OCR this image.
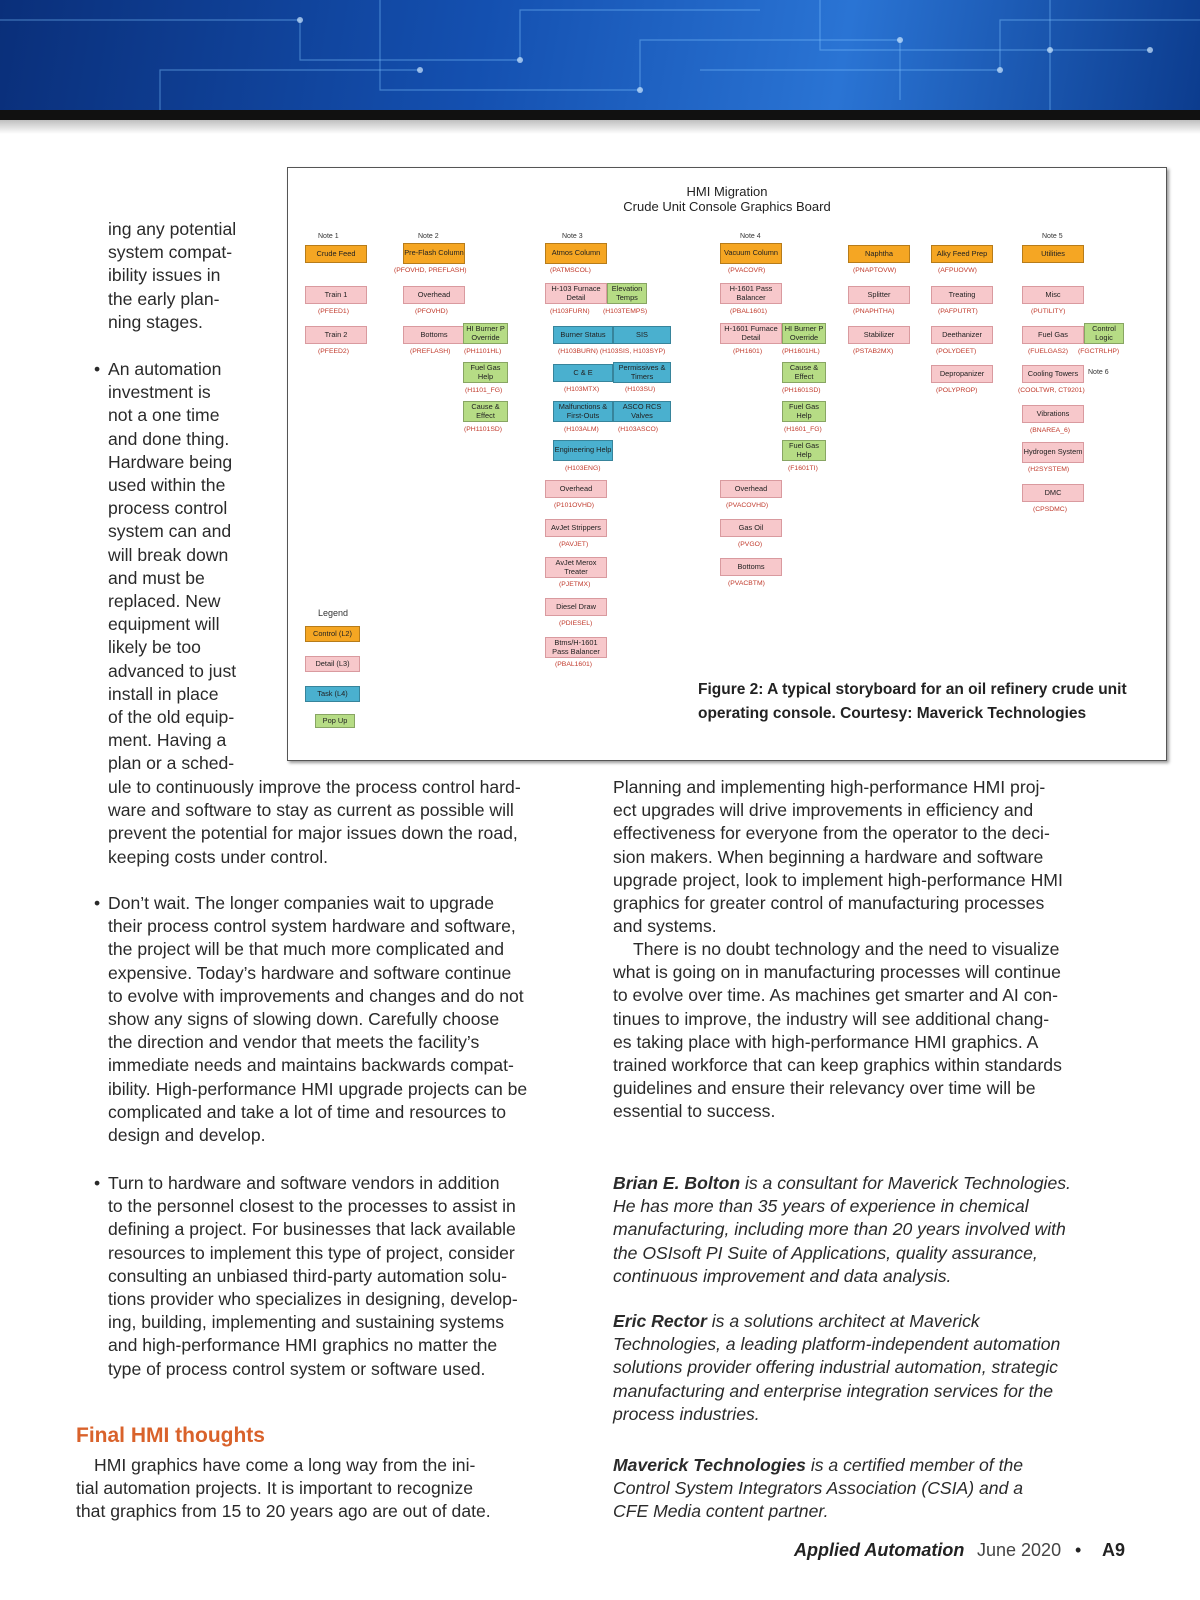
HMI Migration
Crude Unit Console Graphics Board
Note 1	Note 2	Note 3	Note 4	Note 5
Crude Feed
Train 1
(PFEED1)
Train 2
(PFEED2)
Pre-Flash Column
(PFOVHD, PREFLASH)
Overhead
(PFOVHD)
Bottoms
(PREFLASH)
HI Burner P Override
(PH1101HL)
Fuel Gas Help
(H1101_FG)
Cause & Effect
(PH1101SD)
Atmos Column
(PATMSCOL)
H-103 Furnace Detail
Elevation Temps
(H103FURN) (H103TEMPS)
Burner Status	SIS
(H103BURN) (H103SIS, H103SYP)
C & E
Permissives & Timers
(H103MTX)	(H103SU)
Malfunctions & First-Outs
ASCO RCS Valves
(H103ALM)	(H103ASCO)
Engineering Help
(H103ENG)
Overhead
(P101OVHD)
AvJet Strippers
(PAVJET)
AvJet Merox Treater
(PJETMX)
Diesel Draw
(PDIESEL)
Btms/H-1601 Pass Balancer
(PBAL1601)
Vacuum Column
(PVACOVR)
H-1601 Pass Balancer
(PBAL1601)
H-1601 Furnace Detail
HI Burner P Override
(PH1601)	(PH1601HL)
Cause & Effect
(PH1601SD)
Fuel Gas Help
(H1601_FG)
Fuel Gas Help
(F1601TI)
Overhead
(PVACOVHD)
Gas Oil
(PVGO)
Bottoms
(PVACBTM)
Naphtha
(PNAPTOVW)
Splitter
(PNAPHTHA)
Stabilizer
(PSTAB2MX)
Alky Feed Prep
(AFPUOVW)
Treating
(PAFPUTRT)
Deethanizer
(POLYDEET)
Depropanizer
(POLYPROP)
Utilities
Misc
(PUTILITY)
Fuel Gas
Control Logic
(FUELGAS2) (FGCTRLHP)
Cooling Towers	Note 6
(COOLTWR, CT9201)
Vibrations
(BNAREA_6)
Hydrogen System
(H2SYSTEM)
DMC
(CPSDMC)
Legend
Control (L2)
Detail (L3)
Task (L4)
Pop Up
Figure 2: A typical storyboard for an oil refinery crude unit operating console. Courtesy: Maverick Technologies

ing any potential

system compat-

ibility issues in

the early plan-

ning stages.

• An automation

investment is

not a one time

and done thing.

Hardware being

used within the

process control

system can and

will break down

and must be

replaced. New

equipment will

likely be too

advanced to just

install in place

of the old equip-

ment. Having a

plan or a sched-

ule to continuously improve the process control hard-

ware and software to stay as current as possible will

prevent the potential for major issues down the road,

keeping costs under control.

• Don’t wait. The longer companies wait to upgrade

their process control system hardware and software,

the project will be that much more complicated and

expensive. Today’s hardware and software continue

to evolve with improvements and changes and do not

show any signs of slowing down. Carefully choose

the direction and vendor that meets the facility’s

immediate needs and maintains backwards compat-

ibility. High-performance HMI upgrade projects can be

complicated and take a lot of time and resources to

design and develop.

• Turn to hardware and software vendors in addition

to the personnel closest to the processes to assist in

defining a project. For businesses that lack available

resources to implement this type of project, consider

consulting an unbiased third-party automation solu-

tions provider who specializes in designing, develop-

ing, building, implementing and sustaining systems

and high-performance HMI graphics no matter the

type of process control system or software used.

Final HMI thoughts

HMI graphics have come a long way from the ini-

tial automation projects. It is important to recognize

that graphics from 15 to 20 years ago are out of date.

Planning and implementing high-performance HMI proj-

ect upgrades will drive improvements in efficiency and

effectiveness for everyone from the operator to the deci-

sion makers. When beginning a hardware and software

upgrade project, look to implement high-performance HMI

graphics for greater control of manufacturing processes

and systems.

There is no doubt technology and the need to visualize

what is going on in manufacturing processes will continue

to evolve over time. As machines get smarter and AI con-

tinues to improve, the industry will see additional chang-

es taking place with high-performance HMI graphics. A

trained workforce that can keep graphics within standards

guidelines and ensure their relevancy over time will be

essential to success.

Brian E. Bolton is a consultant for Maverick Technologies.

He has more than 35 years of experience in chemical

manufacturing, including more than 20 years involved with

the OSIsoft PI Suite of Applications, quality assurance,

continuous improvement and data analysis.

Eric Rector is a solutions architect at Maverick

Technologies, a leading platform-independent automation

solutions provider offering industrial automation, strategic

manufacturing and enterprise integration services for the

process industries.

Maverick Technologies is a certified member of the

Control System Integrators Association (CSIA) and a

CFE Media content partner.

Applied Automation June 2020 • A9
